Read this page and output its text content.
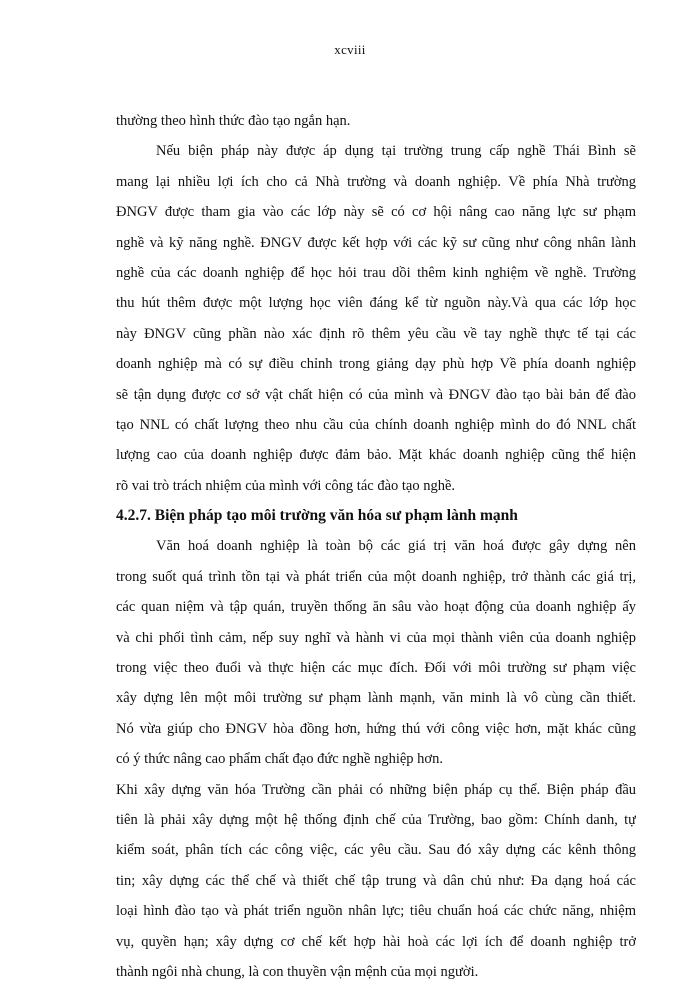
xcviii
thường theo hình thức đào tạo ngắn hạn.
Nếu biện pháp này được áp dụng tại trường trung cấp nghề Thái Bình sẽ
mang lại nhiều lợi ích cho cả Nhà trường và doanh nghiệp. Về phía Nhà trường
ĐNGV được tham gia vào các lớp này sẽ có cơ hội nâng cao năng lực sư phạm
nghề và kỹ năng nghề. ĐNGV được kết hợp với các kỹ sư cũng như công nhân lành
nghề của các doanh nghiệp để học hỏi trau dồi thêm kinh nghiệm về nghề. Trường
thu hút thêm được một lượng học viên đáng kể từ nguồn này.Và qua các lớp học
này ĐNGV cũng phần nào xác định rõ thêm yêu cầu về tay nghề thực tế tại các
doanh nghiệp mà có sự điều chỉnh trong giảng dạy phù hợp Về phía doanh nghiệp
sẽ tận dụng được cơ sở vật chất hiện có của mình và ĐNGV đào tạo bài bản để đào
tạo NNL có chất lượng theo nhu cầu của chính doanh nghiệp mình do đó NNL chất
lượng cao của doanh nghiệp được đảm bảo. Mặt khác doanh nghiệp cũng thể hiện
rõ vai trò trách nhiệm của mình với công tác đào tạo nghề.
4.2.7. Biện pháp tạo môi trường văn hóa sư phạm lành mạnh
Văn hoá doanh nghiệp là toàn bộ các giá trị văn hoá được gây dựng nên
trong suốt quá trình tồn tại và phát triển của một doanh nghiệp, trở thành các giá trị,
các quan niệm và tập quán, truyền thống ăn sâu vào hoạt động của doanh nghiệp ấy
và chi phối tình cảm, nếp suy nghĩ và hành vi của mọi thành viên của doanh nghiệp
trong việc theo đuổi và thực hiện các mục đích. Đối với môi trường sư phạm việc
xây dựng lên một môi trường sư phạm lành mạnh, văn minh là vô cùng cần thiết.
Nó vừa giúp cho ĐNGV hòa đồng hơn, hứng thú với công việc hơn, mặt khác cũng
có ý thức nâng cao phẩm chất đạo đức nghề nghiệp hơn.
Khi xây dựng văn hóa Trường cần phải có những biện pháp cụ thể. Biện pháp đầu
tiên là phải xây dựng một hệ thống định chế của Trường, bao gồm: Chính danh, tự
kiểm soát, phân tích các công việc, các yêu cầu. Sau đó xây dựng các kênh thông
tin; xây dựng các thể chế và thiết chế tập trung và dân chủ như: Đa dạng hoá các
loại hình đào tạo và phát triển nguồn nhân lực; tiêu chuẩn hoá các chức năng, nhiệm
vụ, quyền hạn; xây dựng cơ chế kết hợp hài hoà các lợi ích để doanh nghiệp trở
thành ngôi nhà chung, là con thuyền vận mệnh của mọi người.
